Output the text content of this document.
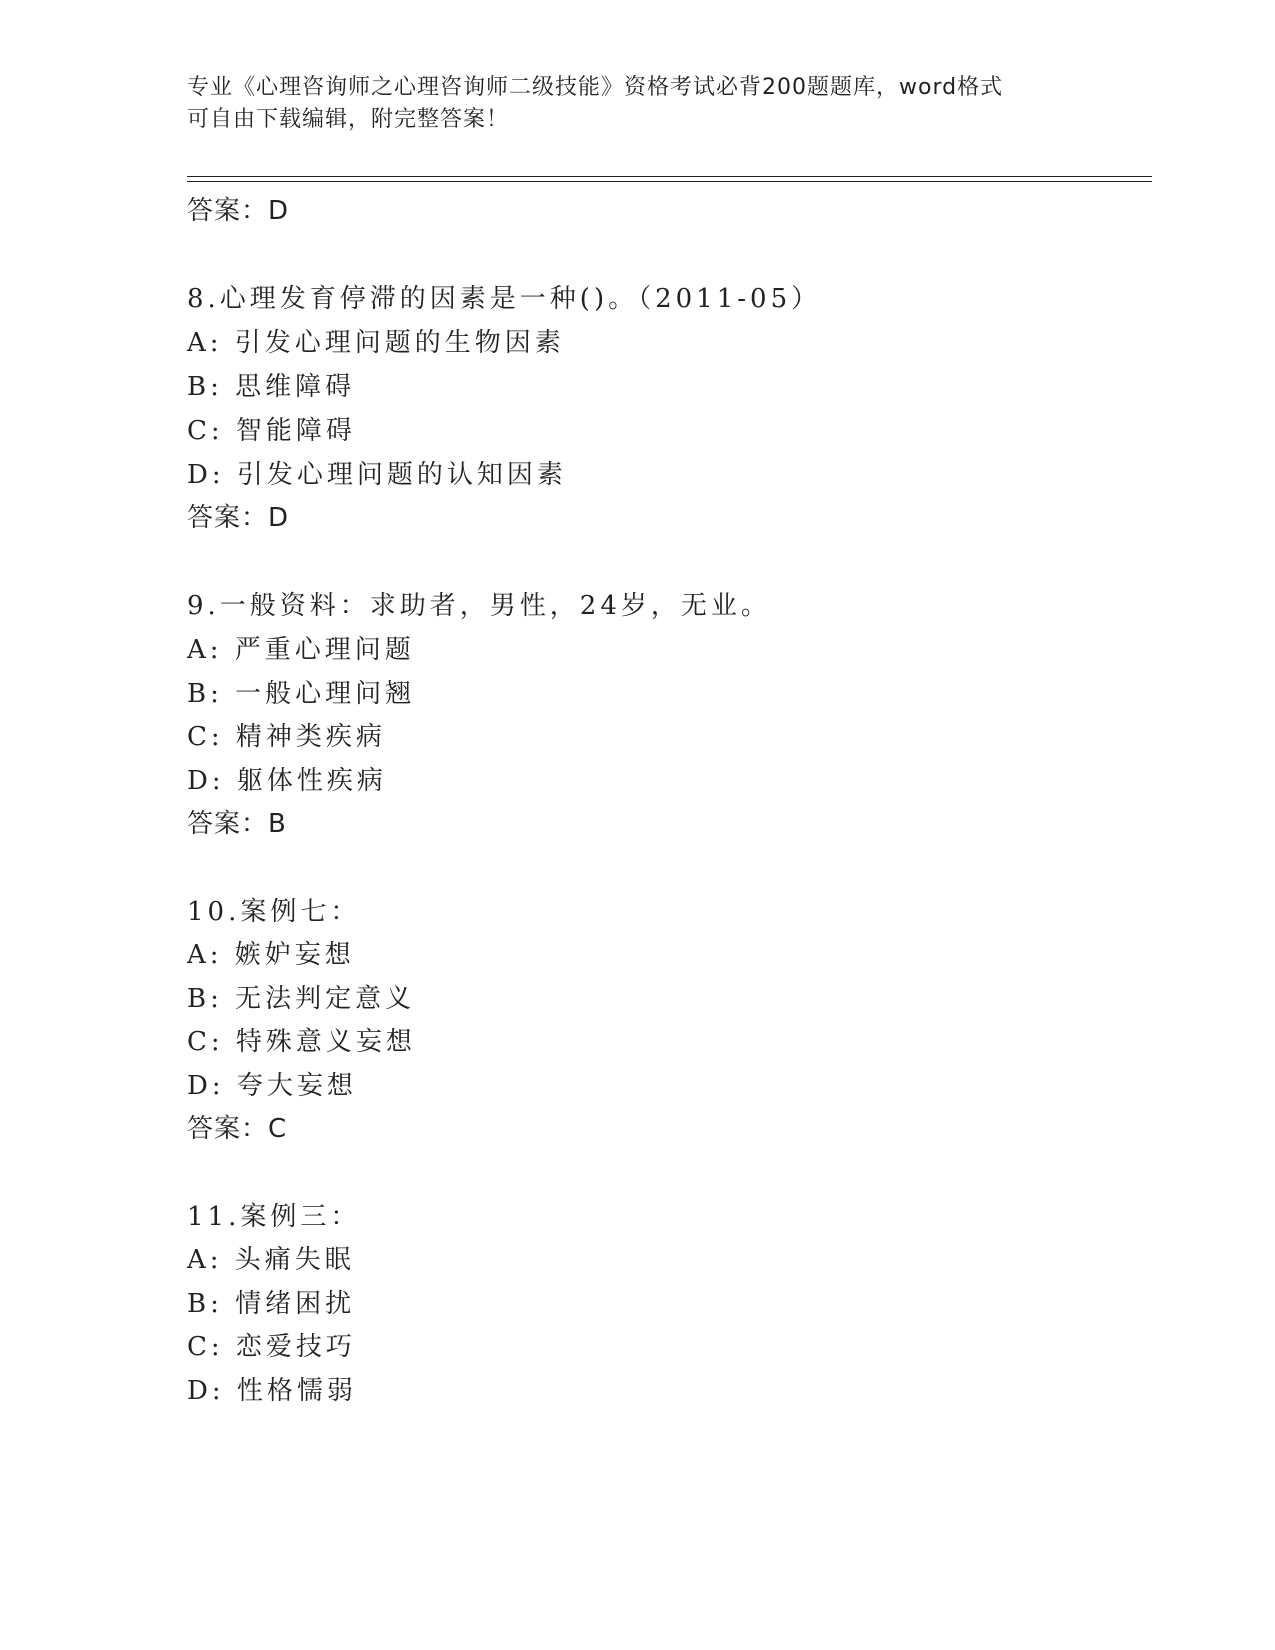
专业《心理咨询师之心理咨询师二级技能》资格考试必背200题题库，word格式
可自由下载编辑，附完整答案！
答案：D
8.心理发育停滞的因素是一种()。（2011-05）
A: 引发心理问题的生物因素
B: 思维障碍
C: 智能障碍
D: 引发心理问题的认知因素
答案：D
9.一般资料：求助者，男性，24岁，无业。
A: 严重心理问题
B: 一般心理问翘
C: 精神类疾病
D: 躯体性疾病
答案：B
10.案例七：
A: 嫉妒妄想
B: 无法判定意义
C: 特殊意义妄想
D: 夸大妄想
答案：C
11.案例三：
A: 头痛失眠
B: 情绪困扰
C: 恋爱技巧
D: 性格懦弱
